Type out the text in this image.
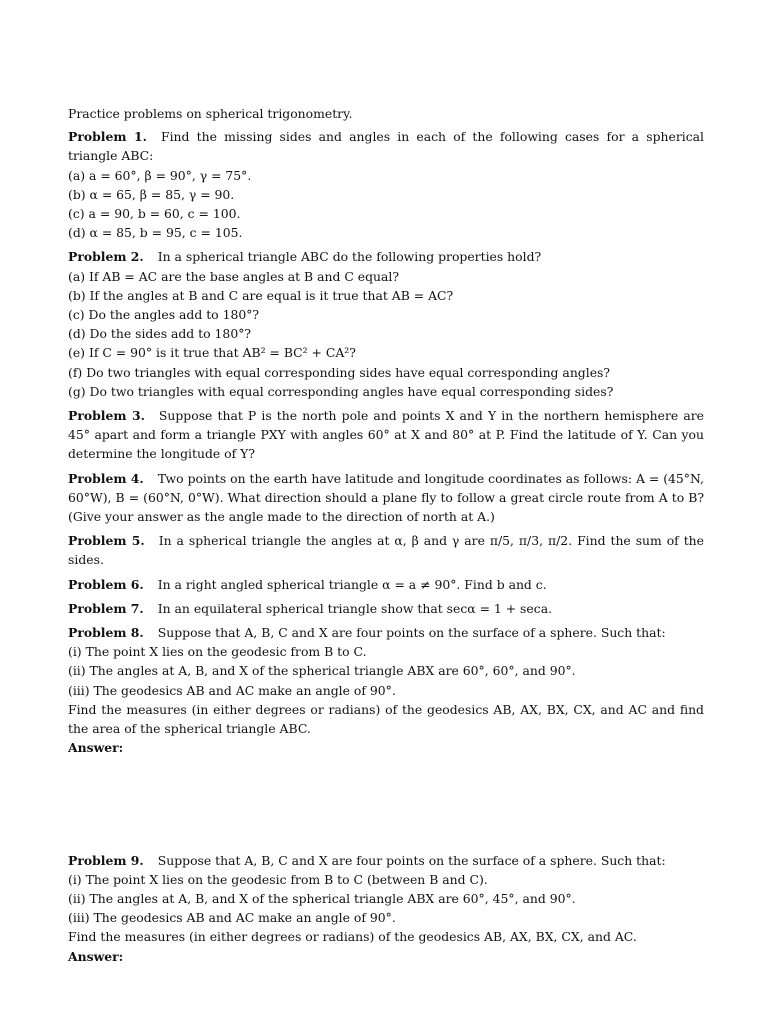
Practice problems on spherical trigonometry.
Problem 1. Find the missing sides and angles in each of the following cases for a spherical triangle ABC:
(a) a = 60°, β = 90°, γ = 75°.
(b) α = 65, β = 85, γ = 90.
(c) a = 90, b = 60, c = 100.
(d) α = 85, b = 95, c = 105.
Problem 2. In a spherical triangle ABC do the following properties hold?
(a) If AB = AC are the base angles at B and C equal?
(b) If the angles at B and C are equal is it true that AB = AC?
(c) Do the angles add to 180°?
(d) Do the sides add to 180°?
(e) If C = 90° is it true that AB² = BC² + CA²?
(f) Do two triangles with equal corresponding sides have equal corresponding angles?
(g) Do two triangles with equal corresponding angles have equal corresponding sides?
Problem 3. Suppose that P is the north pole and points X and Y in the northern hemisphere are 45° apart and form a triangle PXY with angles 60° at X and 80° at P. Find the latitude of Y. Can you determine the longitude of Y?
Problem 4. Two points on the earth have latitude and longitude coordinates as follows: A = (45°N, 60°W), B = (60°N, 0°W). What direction should a plane fly to follow a great circle route from A to B? (Give your answer as the angle made to the direction of north at A.)
Problem 5. In a spherical triangle the angles at α, β and γ are π/5, π/3, π/2. Find the sum of the sides.
Problem 6. In a right angled spherical triangle α = a ≠ 90°. Find b and c.
Problem 7. In an equilateral spherical triangle show that secα = 1 + seca.
Problem 8. Suppose that A, B, C and X are four points on the surface of a sphere. Such that:
(i) The point X lies on the geodesic from B to C.
(ii) The angles at A, B, and X of the spherical triangle ABX are 60°, 60°, and 90°.
(iii) The geodesics AB and AC make an angle of 90°.
Find the measures (in either degrees or radians) of the geodesics AB, AX, BX, CX, and AC and find the area of the spherical triangle ABC.
Answer:
Problem 9. Suppose that A, B, C and X are four points on the surface of a sphere. Such that:
(i) The point X lies on the geodesic from B to C (between B and C).
(ii) The angles at A, B, and X of the spherical triangle ABX are 60°, 45°, and 90°.
(iii) The geodesics AB and AC make an angle of 90°.
Find the measures (in either degrees or radians) of the geodesics AB, AX, BX, CX, and AC.
Answer:
